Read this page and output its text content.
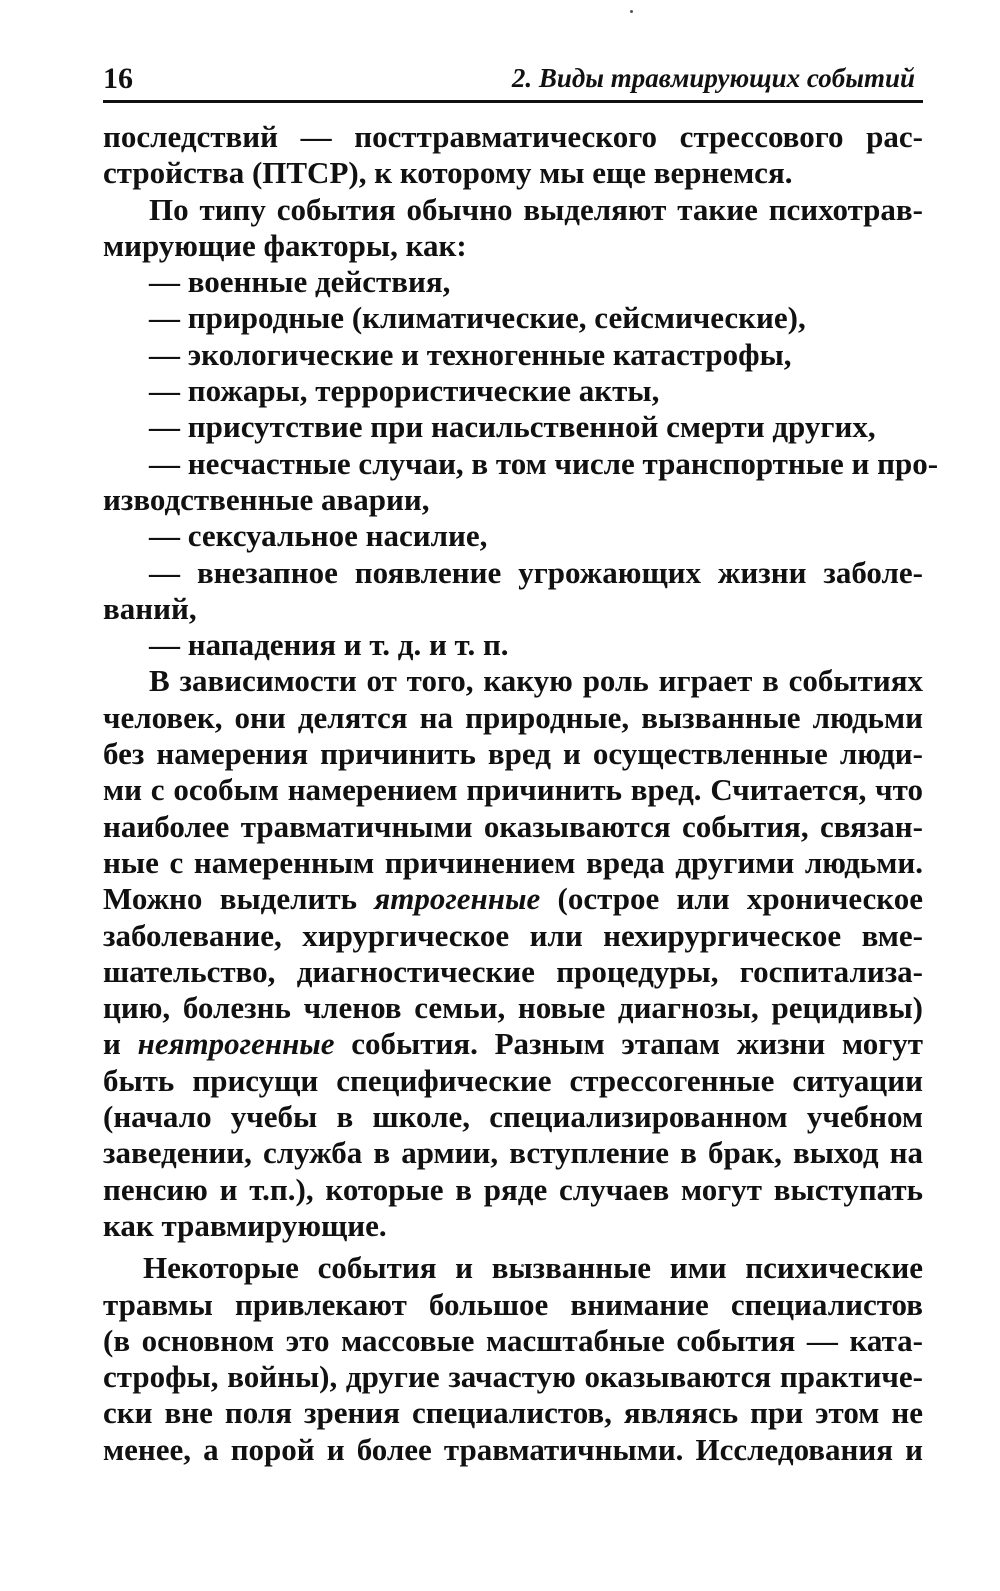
16	2. Виды травмирующих событий
последствий — посттравматического стрессового рас-
стройства (ПТСР), к которому мы еще вернемся.
По типу события обычно выделяют такие психотрав-
мирующие факторы, как:
— военные действия,
— природные (климатические, сейсмические),
— экологические и техногенные катастрофы,
— пожары, террористические акты,
— присутствие при насильственной смерти других,
— несчастные случаи, в том числе транспортные и про-
изводственные аварии,
— сексуальное насилие,
— внезапное появление угрожающих жизни заболе-
ваний,
— нападения и т. д. и т. п.
В зависимости от того, какую роль играет в событиях
человек, они делятся на природные, вызванные людьми
без намерения причинить вред и осуществленные люди-
ми с особым намерением причинить вред. Считается, что
наиболее травматичными оказываются события, связан-
ные с намеренным причинением вреда другими людьми.
Можно выделить ятрогенные (острое или хроническое
заболевание, хирургическое или нехирургическое вме-
шательство, диагностические процедуры, госпитализа-
цию, болезнь членов семьи, новые диагнозы, рецидивы)
и неятрогенные события. Разным этапам жизни могут
быть присущи специфические стрессогенные ситуации
(начало учебы в школе, специализированном учебном
заведении, служба в армии, вступление в брак, выход на
пенсию и т.п.), которые в ряде случаев могут выступать
как травмирующие.
Некоторые события и вызванные ими психические
травмы привлекают большое внимание специалистов
(в основном это массовые масштабные события — ката-
строфы, войны), другие зачастую оказываются практиче-
ски вне поля зрения специалистов, являясь при этом не
менее, а порой и более травматичными. Исследования и
